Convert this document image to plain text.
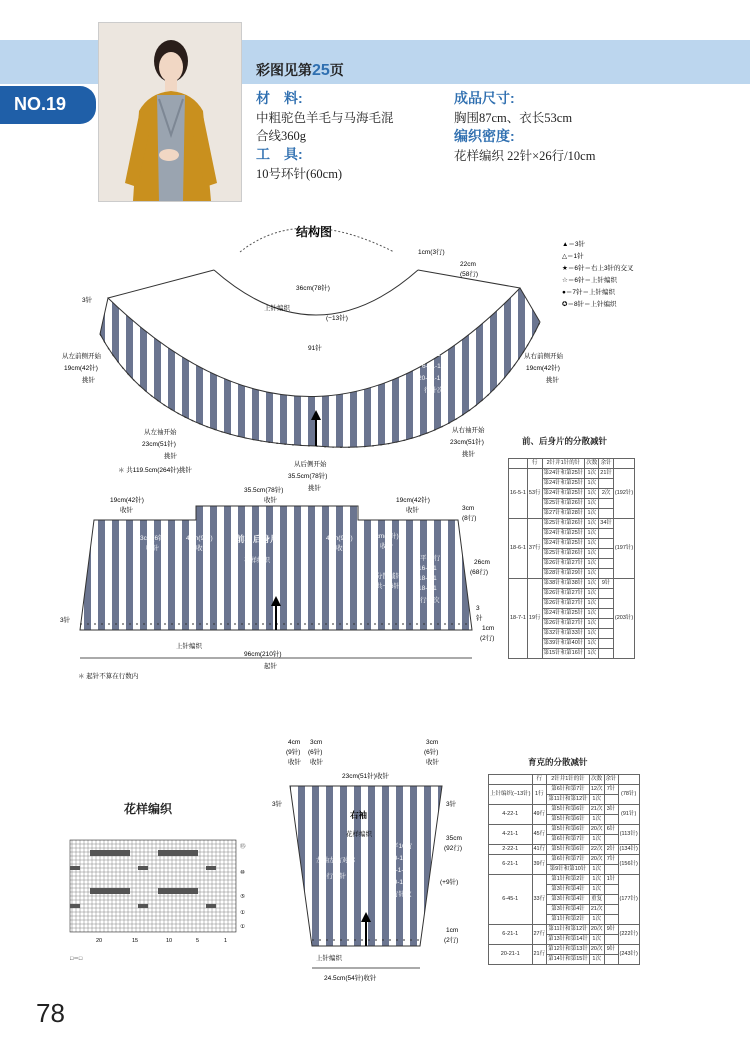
NO.19
彩图见第25页
材　料:
中粗驼色羊毛与马海毛混
合线360g
工　具:
10号环针(60cm)
成品尺寸:
胸围87cm、衣长53cm
编织密度:
花样编织 22针×26行/10cm
结构图
▲＝3针
△＝1针
★＝6针＝右上3针的交叉
☆＝6针＝上针编织
●＝7针＝上针编织
✪＝8针＝上针编织
36cm(78针)
1cm(3行)
22cm
(58行)
上针编织
(−13针)
3针
育克
花样编织
91针
分散减针
共−173针
2-2-1
4-21-1
4-22-1
6-5-1
6-45-1
6-21-1
20-21-1
行针次
从左前侧开始
19cm(42针)
挑针
从右前侧开始
19cm(42针)
挑针
从左袖开始
23cm(51针)
挑针
从右袖开始
23cm(51针)
挑针
从后侧开始
35.5cm(78针)
挑针
＊ 共119.5cm(264针)挑针
19cm(42针)
收针
35.5cm(78针)
收针	19cm(42针)
收针
3cm(6针)
收针
4cm(9针)
收针
前、后身片
花样编织
4cm(9针)
收针
3cm(6针)
收针
3cm
(8行)
26cm
(68行)
平16行
16-5-1
18-6-1
18-7-1
行针次
分散减针
共−16针
3针
3
针
上针编织
1cm
(2行)
96cm(210针)
起针
＊ 起针不算在行数内
前、后身片的分散减针
	行	2针并1针的针	次数	余针	
16-5-1	53行	第24针和第25针	1次	21针	(192针)
		第24针和第25针	1次		
		第24针和第25针	1次	2次	
		第25针和第26针	1次		
		第27针和第28针	1次		
18-6-1	37行	第25针和第26针	1次	34针	(197针)
		第24针和第25针	1次		
		第24针和第25针	1次		
		第25针和第26针	1次		
		第26针和第27针	1次		
		第28针和第29针	1次		
18-7-1	19行	第38针和第38针	1次	9针	(203针)
		第26针和第27针	1次		
		第26针和第27针	1次		
		第24针和第25针	1次		
		第26针和第27针	1次		
		第32针和第33针	1次		
		第39针和第40针	1次		
		第15针和第16针	1次		
花样编织
⑮
⑩
⑤
①
①
20	15	10	5	1
□＝□
4cm
(9针)
收针
3cm
(6针)
收针
23cm(51针)收针
3cm
(6针)
收针
3针	3针
右袖
花样编织
平10行
10-1-4
8-1-4
10-1-1
行针次
左袖左右对称
进行收针
35cm
(92行)
(+9针)
1cm
(2行)
上针编织
24.5cm(54针)收针
育克的分散减针
	行	2针并1针的针	次数	余针	
上针编织(−13针)	1行	第6针和第7针	12次	7针	(78针)
		第11针和第12针	1次		
4-22-1	49行	第5针和第6针	21次	3针	(91针)
		第5针和第6针	1次		
4-21-1	45行	第5针和第6针	20次	6针	(113针)
		第6针和第7针	1次		
2-22-1	41行	第5针和第6针	22次	2针	(134针)
6-21-1	39行	第6针和第7针	20次	7针	(156针)
		第9针和第10针	1次		
6-45-1	33行	第1针和第2针	1次	1针	(177针)
		第3针和第4针	1次		
		第3针和第4针	重复		
		第3针和第4针	21次		
		第1针和第2针	1次		
6-21-1	27行	第11针和第12针	20次	9针	(222针)
		第13针和第14针	1次		
20-21-1	21行	第12针和第13针	20次	9针	(243针)
		第14针和第15针	1次		
78
